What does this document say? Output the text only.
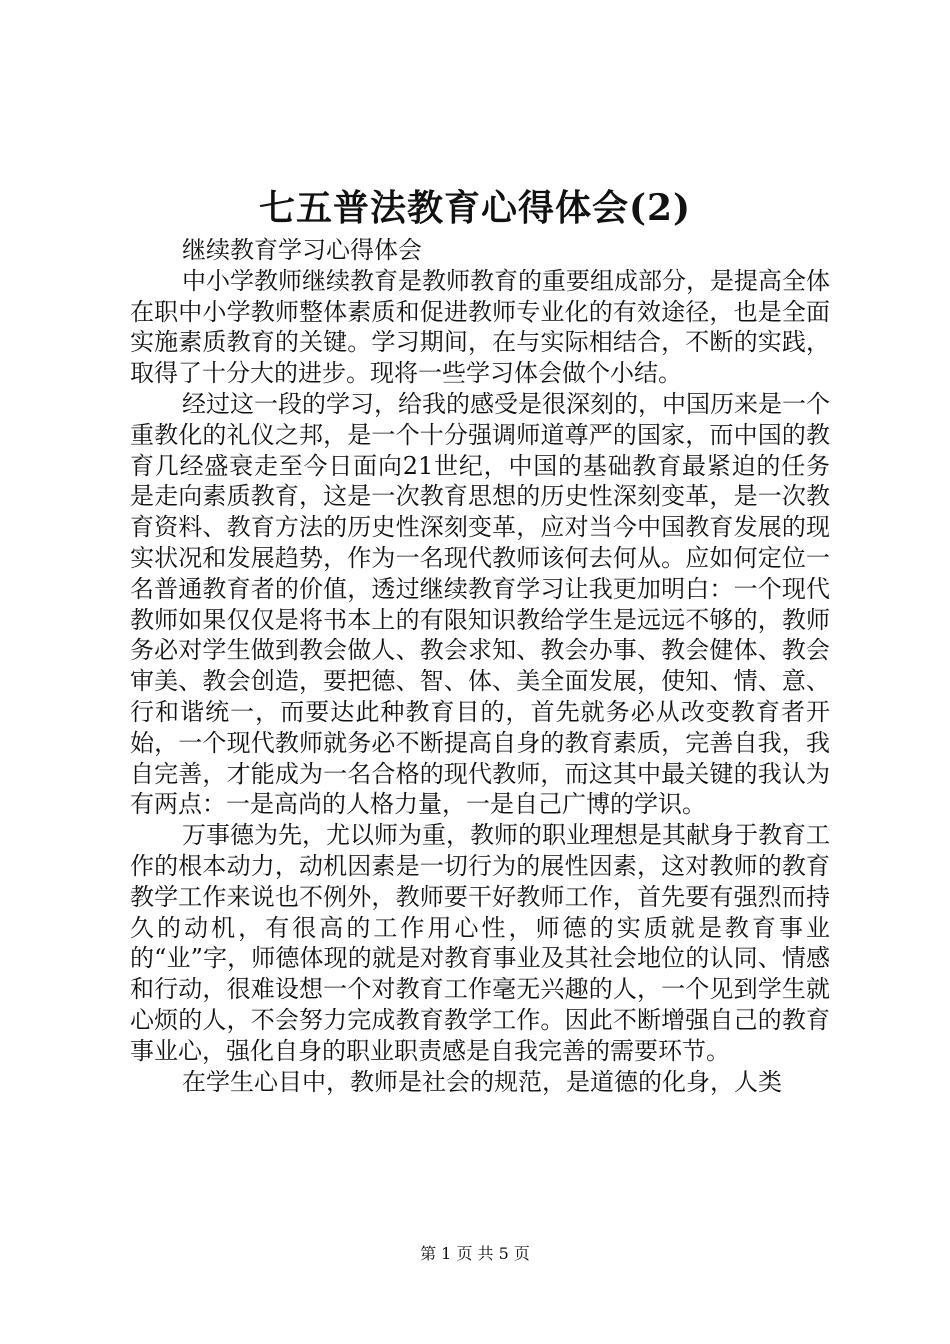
七五普法教育心得体会(2)
继续教育学习心得体会

中小学教师继续教育是教师教育的重要组成部分，是提高全体在职中小学教师整体素质和促进教师专业化的有效途径，也是全面实施素质教育的关键。学习期间，在与实际相结合，不断的实践，取得了十分大的进步。现将一些学习体会做个小结。

经过这一段的学习，给我的感受是很深刻的，中国历来是一个重教化的礼仪之邦，是一个十分强调师道尊严的国家，而中国的教育几经盛衰走至今日面向21世纪，中国的基础教育最紧迫的任务是走向素质教育，这是一次教育思想的历史性深刻变革，是一次教育资料、教育方法的历史性深刻变革，应对当今中国教育发展的现实状况和发展趋势，作为一名现代教师该何去何从。应如何定位一名普通教育者的价值，透过继续教育学习让我更加明白：一个现代教师如果仅仅是将书本上的有限知识教给学生是远远不够的，教师务必对学生做到教会做人、教会求知、教会办事、教会健体、教会审美、教会创造，要把德、智、体、美全面发展，使知、情、意、行和谐统一，而要达此种教育目的，首先就务必从改变教育者开始，一个现代教师就务必不断提高自身的教育素质，完善自我，我自完善，才能成为一名合格的现代教师，而这其中最关键的我认为有两点：一是高尚的人格力量，一是自己广博的学识。

万事德为先，尤以师为重，教师的职业理想是其献身于教育工作的根本动力，动机因素是一切行为的展性因素，这对教师的教育教学工作来说也不例外，教师要干好教师工作，首先要有强烈而持久的动机，有很高的工作用心性，师德的实质就是教育事业的“业”字，师德体现的就是对教育事业及其社会地位的认同、情感和行动，很难设想一个对教育工作毫无兴趣的人，一个见到学生就心烦的人，不会努力完成教育教学工作。因此不断增强自己的教育事业心，强化自身的职业职责感是自我完善的需要环节。

在学生心目中，教师是社会的规范，是道德的化身，人类

第 1 页 共 5 页
